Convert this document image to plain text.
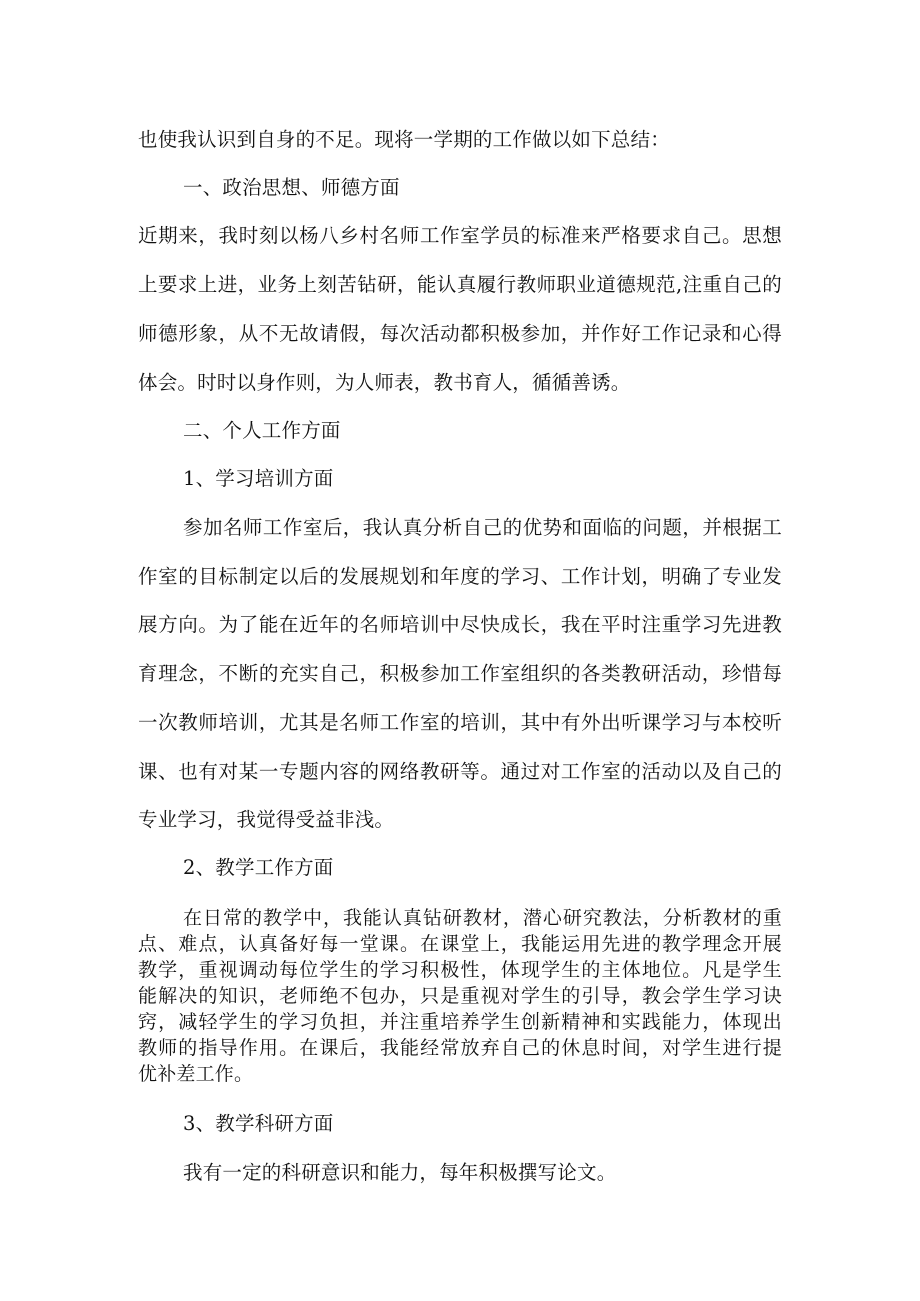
也使我认识到自身的不足。现将一学期的工作做以如下总结：
一、政治思想、师德方面
近期来，我时刻以杨八乡村名师工作室学员的标准来严格要求自己。思想
上要求上进，业务上刻苦钻研，能认真履行教师职业道德规范,注重自己的
师德形象，从不无故请假，每次活动都积极参加，并作好工作记录和心得
体会。时时以身作则，为人师表，教书育人，循循善诱。
二、个人工作方面
1、学习培训方面
参加名师工作室后，我认真分析自己的优势和面临的问题，并根据工
作室的目标制定以后的发展规划和年度的学习、工作计划，明确了专业发
展方向。为了能在近年的名师培训中尽快成长，我在平时注重学习先进教
育理念，不断的充实自己，积极参加工作室组织的各类教研活动，珍惜每
一次教师培训，尤其是名师工作室的培训，其中有外出听课学习与本校听
课、也有对某一专题内容的网络教研等。通过对工作室的活动以及自己的
专业学习，我觉得受益非浅。
2、教学工作方面
在日常的教学中，我能认真钻研教材，潜心研究教法，分析教材的重
点、难点，认真备好每一堂课。在课堂上，我能运用先进的教学理念开展
教学，重视调动每位学生的学习积极性，体现学生的主体地位。凡是学生
能解决的知识，老师绝不包办，只是重视对学生的引导，教会学生学习诀
窍，减轻学生的学习负担，并注重培养学生创新精神和实践能力，体现出
教师的指导作用。在课后，我能经常放弃自己的休息时间，对学生进行提
优补差工作。
3、教学科研方面
我有一定的科研意识和能力，每年积极撰写论文。
